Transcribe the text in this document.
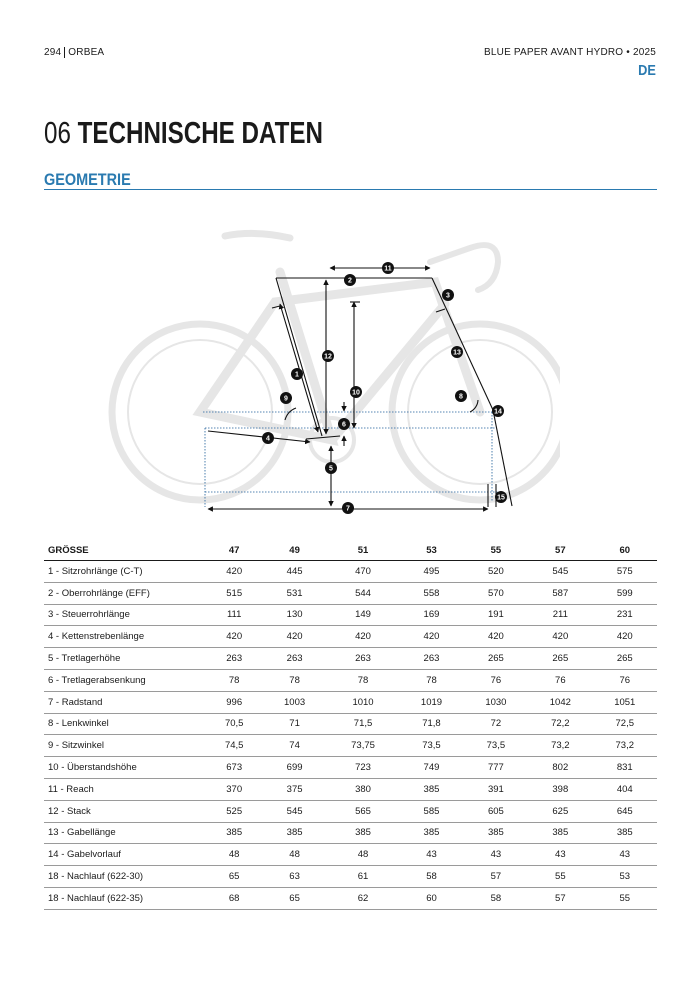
294 ORBEA	BLUE PAPER AVANT HYDRO • 2025
DE
06 TECHNISCHE DATEN
GEOMETRIE
1
2
3
4
5
6
7
8
9
10
11
12
13
14
15
GRÖSSE	47	49	51	53	55	57	60
1 - Sitzrohrlänge (C-T)	420	445	470	495	520	545	575
2 - Oberrohrlänge (EFF)	515	531	544	558	570	587	599
3 - Steuerrohrlänge	111	130	149	169	191	211	231
4 - Kettenstrebenlänge	420	420	420	420	420	420	420
5 - Tretlagerhöhe	263	263	263	263	265	265	265
6 - Tretlagerabsenkung	78	78	78	78	76	76	76
7 - Radstand	996	1003	1010	1019	1030	1042	1051
8 - Lenkwinkel	70,5	71	71,5	71,8	72	72,2	72,5
9 - Sitzwinkel	74,5	74	73,75	73,5	73,5	73,2	73,2
10 - Überstandshöhe	673	699	723	749	777	802	831
11 - Reach	370	375	380	385	391	398	404
12 - Stack	525	545	565	585	605	625	645
13 - Gabellänge	385	385	385	385	385	385	385
14 - Gabelvorlauf	48	48	48	43	43	43	43
18 - Nachlauf (622-30)	65	63	61	58	57	55	53
18 - Nachlauf (622-35)	68	65	62	60	58	57	55
